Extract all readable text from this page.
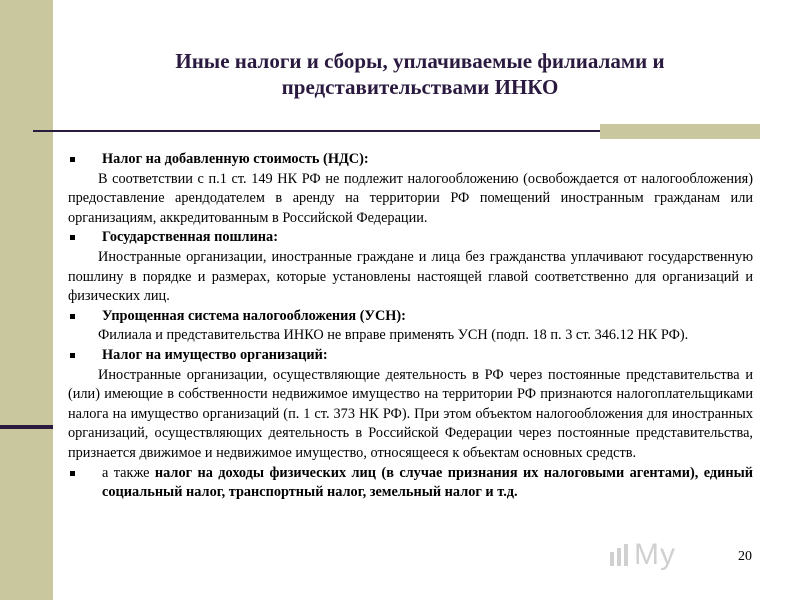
Иные налоги и сборы, уплачиваемые филиалами и представительствами ИНКО
Налог на добавленную стоимость (НДС):

В соответствии с п.1 ст. 149 НК РФ не подлежит налогообложению (освобождается от налогообложения) предоставление арендодателем в аренду на территории РФ помещений иностранным гражданам или организациям, аккредитованным в Российской Федерации.

Государственная пошлина:

Иностранные организации, иностранные граждане и лица без гражданства уплачивают государственную пошлину в порядке и размерах, которые установлены настоящей главой соответственно для организаций и физических лиц.

Упрощенная система налогообложения (УСН):

Филиала и представительства ИНКО не вправе применять УСН (подп. 18 п. 3 ст. 346.12 НК РФ).

Налог на имущество организаций:

Иностранные организации, осуществляющие деятельность в РФ через постоянные представительства и (или) имеющие в собственности недвижимое имущество на территории РФ признаются налогоплательщиками налога на имущество организаций (п. 1 ст. 373 НК РФ). При этом объектом налогообложения для иностранных организаций, осуществляющих деятельность в Российской Федерации через постоянные представительства, признается движимое и недвижимое имущество, относящееся к объектам основных средств.

а также налог на доходы физических лиц (в случае признания их налоговыми агентами), единый социальный налог, транспортный налог, земельный налог и т.д.
My	20
